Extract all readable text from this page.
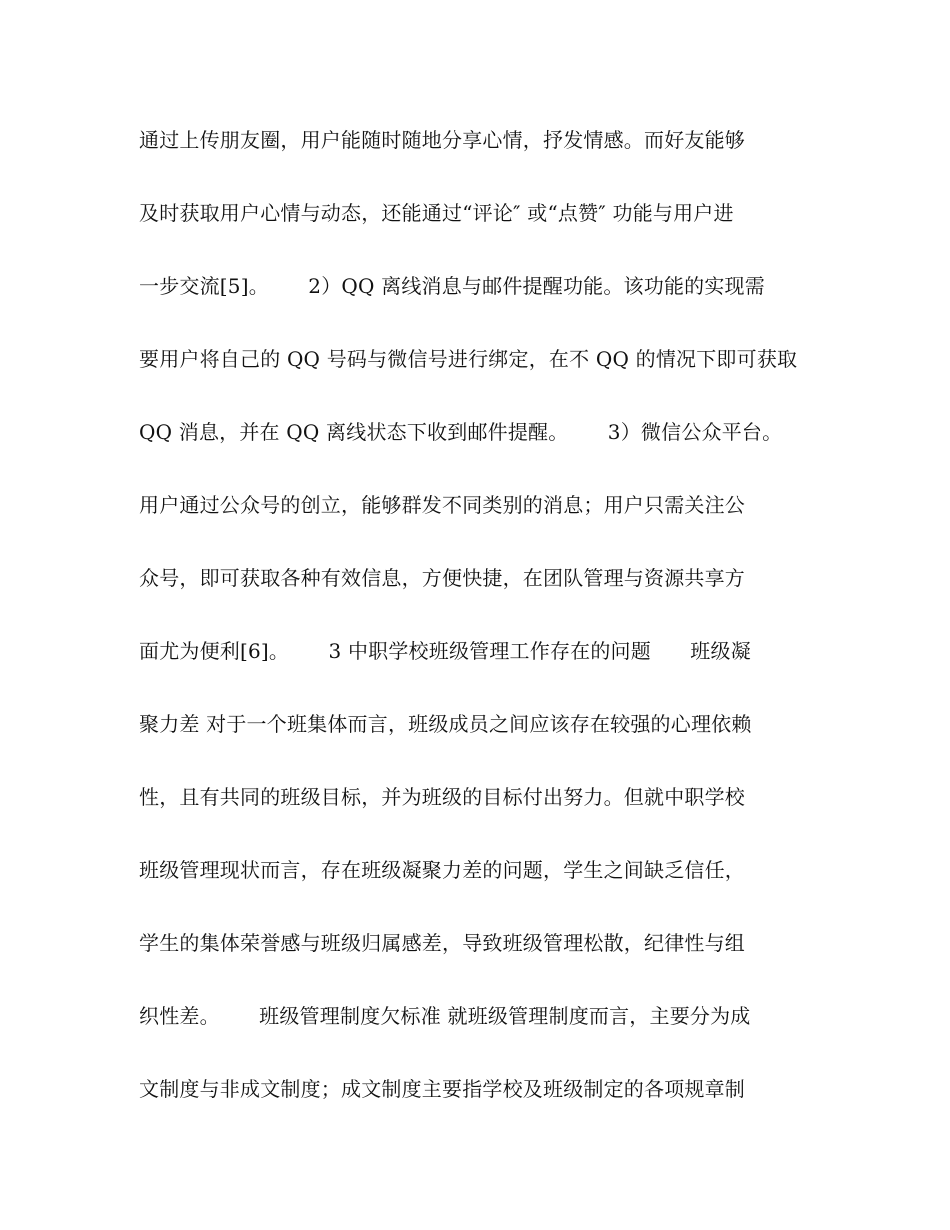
通过上传朋友圈，用户能随时随地分享心情，抒发情感。而好友能够
及时获取用户心情与动态，还能通过“评论″ 或“点赞″ 功能与用户进
一步交流[5]。      2）QQ 离线消息与邮件提醒功能。该功能的实现需
要用户将自己的 QQ 号码与微信号进行绑定，在不 QQ 的情况下即可获取
QQ 消息，并在 QQ 离线状态下收到邮件提醒。      3）微信公众平台。
用户通过公众号的创立，能够群发不同类别的消息；用户只需关注公
众号，即可获取各种有效信息，方便快捷，在团队管理与资源共享方
面尤为便利[6]。      3 中职学校班级管理工作存在的问题      班级凝
聚力差 对于一个班集体而言，班级成员之间应该存在较强的心理依赖
性，且有共同的班级目标，并为班级的目标付出努力。但就中职学校
班级管理现状而言，存在班级凝聚力差的问题，学生之间缺乏信任，
学生的集体荣誉感与班级归属感差，导致班级管理松散，纪律性与组
织性差。      班级管理制度欠标准 就班级管理制度而言，主要分为成
文制度与非成文制度；成文制度主要指学校及班级制定的各项规章制
